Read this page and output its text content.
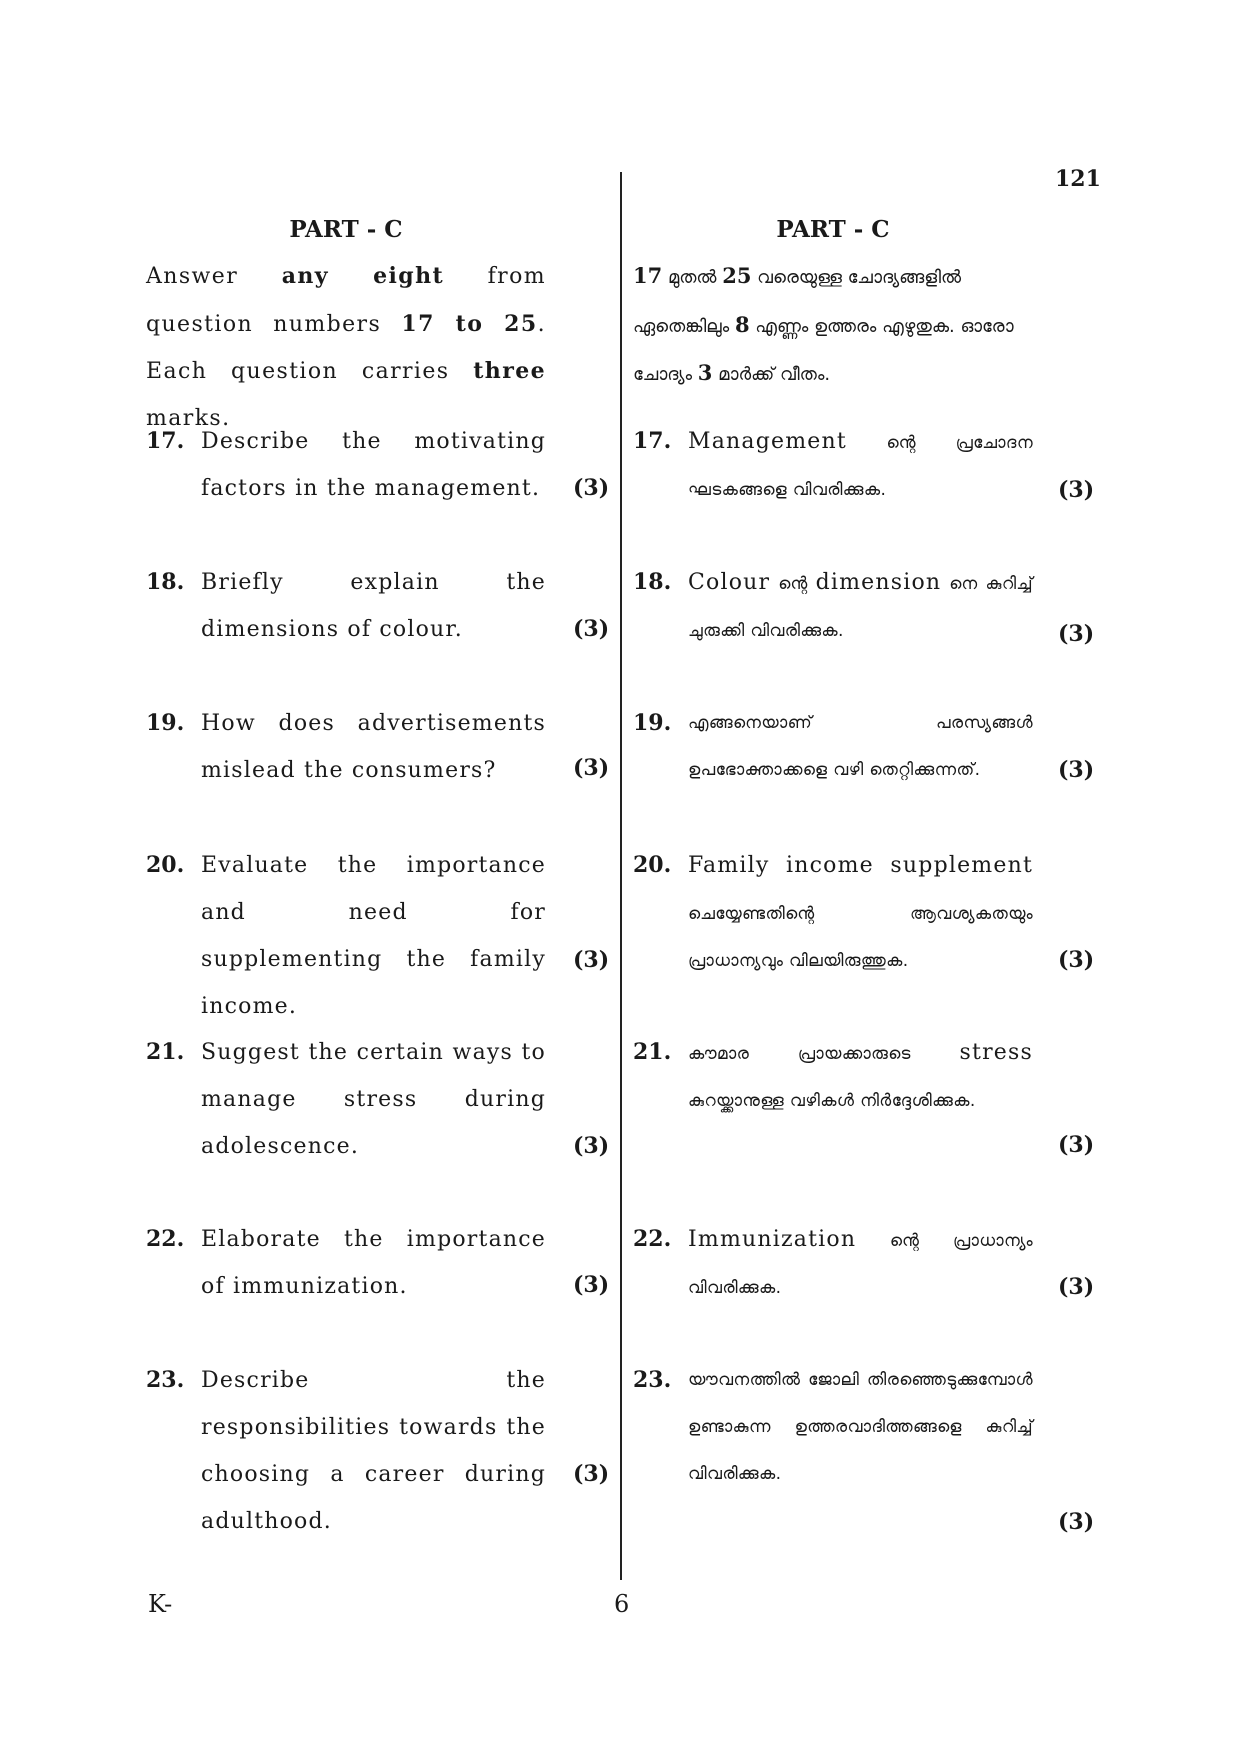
121
PART - C
Answer any eight from question numbers 17 to 25. Each question carries three marks.
17. Describe the motivating factors in the management. (3)
18. Briefly explain the dimensions of colour.	(3)
19. How does advertisements mislead the consumers?	(3)
20. Evaluate the importance and need for supplementing the family income.
(3)
21. Suggest the certain ways to manage stress during adolescence.	(3)
22. Elaborate the importance of immunization.	(3)
23. Describe the responsibilities towards the choosing a career during adulthood.
(3)
PART - C
17 മുതൽ 25 വരെയുള്ള ചോദ്യങ്ങളിൽ ഏതെങ്കിലും 8 എണ്ണം ഉത്തരം എഴുതുക. ഓരോ ചോദ്യം 3 മാർക്ക് വീതം.
17. Management ന്റെ പ്രചോദന ഘടകങ്ങളെ വിവരിക്കുക.	(3)
18. Colour ന്റെ dimension നെ കുറിച്ച് ചുരുക്കി വിവരിക്കുക.	(3)
19. എങ്ങനെയാണ് പരസ്യങ്ങൾ ഉപഭോക്താക്കളെ വഴി തെറ്റിക്കുന്നത്.	(3)
20. Family income supplement ചെയ്യേണ്ടതിന്റെ ആവശ്യകതയും പ്രാധാന്യവും വിലയിരുത്തുക.	(3)
21. കൗമാര പ്രായക്കാരുടെ stress കുറയ്ക്കാനുള്ള വഴികൾ നിർദ്ദേശിക്കുക.
(3)
22. Immunization ന്റെ പ്രാധാന്യം വിവരിക്കുക.	(3)
23. യൗവനത്തിൽ ജോലി തിരഞ്ഞെടുക്കുമ്പോൾ ഉണ്ടാകുന്ന ഉത്തരവാദിത്തങ്ങളെ കുറിച്ച് വിവരിക്കുക.
(3)
K-	6
